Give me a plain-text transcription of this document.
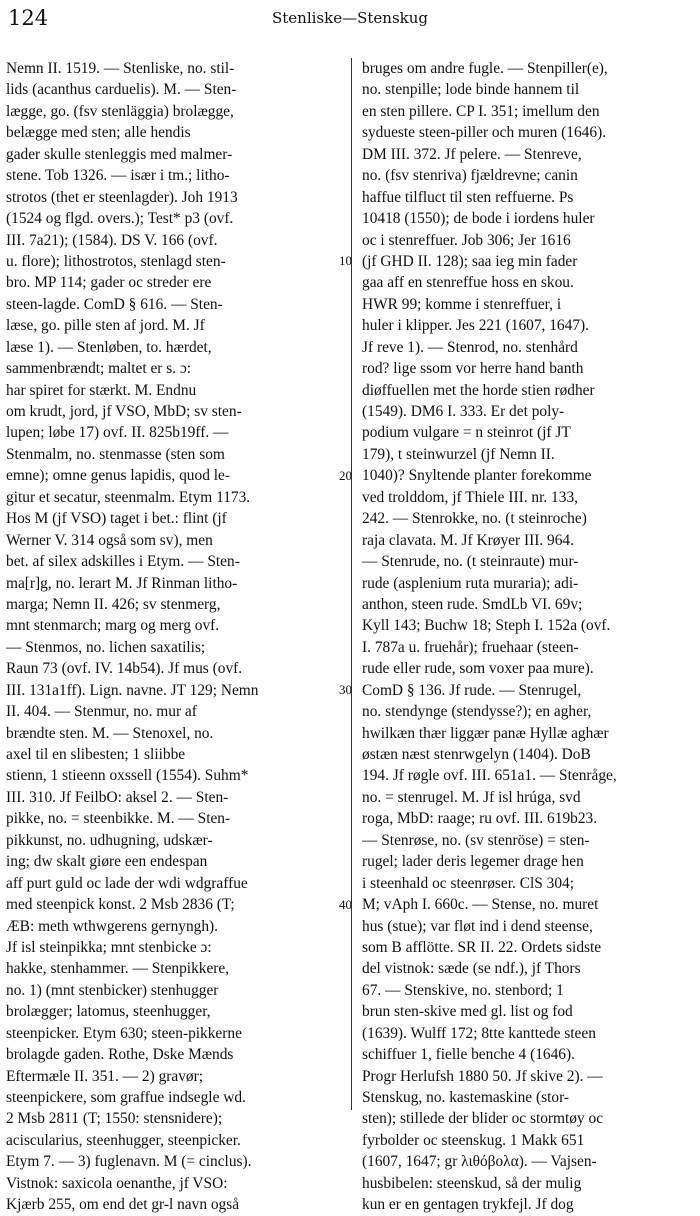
124	Stenliske—Stenskug
Nemn II. 1519. — Stenliske, no. stil-
lids (acanthus carduelis). M. — Sten-
lægge, go. (fsv stenläggia) brolægge,
belægge med sten; alle hendis
gader skulle stenleggis med malmer-
stene. Tob 1326. — især i tm.; litho-
strotos (thet er steenlagder). Joh 1913
(1524 og flgd. overs.); Test* p3 (ovf.
III. 7a21); (1584). DS V. 166 (ovf.
u. flore); lithostrotos, stenlagd sten-
bro. MP 114; gader oc streder ere
steen-lagde. ComD § 616. — Sten-
læse, go. pille sten af jord. M. Jf
læse 1). — Stenløben, to. hærdet,
sammenbrændt; maltet er s. ɔ:
har spiret for stærkt. M. Endnu
om krudt, jord, jf VSO, MbD; sv sten-
lupen; løbe 17) ovf. II. 825b19ff. —
Stenmalm, no. stenmasse (sten som
emne); omne genus lapidis, quod le-
gitur et secatur, steenmalm. Etym 1173.
Hos M (jf VSO) taget i bet.: flint (jf
Werner V. 314 også som sv), men
bet. af silex adskilles i Etym. — Sten-
ma[r]g, no. lerart M. Jf Rinman litho-
marga; Nemn II. 426; sv stenmerg,
mnt stenmarch; marg og merg ovf.
— Stenmos, no. lichen saxatilis;
Raun 73 (ovf. IV. 14b54). Jf mus (ovf.
III. 131a1ff). Lign. navne. JT 129; Nemn
II. 404. — Stenmur, no. mur af
brændte sten. M. — Stenoxel, no.
axel til en slibesten; 1 sliibbe
stienn, 1 stieenn oxssell (1554). Suhm*
III. 310. Jf FeilbO: aksel 2. — Sten-
pikke, no. = steenbikke. M. — Sten-
pikkunst, no. udhugning, udskær-
ing; dw skalt giøre een endespan
aff purt guld oc lade der wdi wdgraffue
med steenpick konst. 2 Msb 2836 (T;
ÆB: meth wthwgerens gernyngh).
Jf isl steinpikka; mnt stenbicke ɔ:
hakke, stenhammer. — Stenpikkere,
no. 1) (mnt stenbicker) stenhugger
brolægger; latomus, steenhugger,
steenpicker. Etym 630; steen-pikkerne
brolagde gaden. Rothe, Dske Mænds
Eftermæle II. 351. — 2) gravør;
steenpickere, som graffue indsegle wd.
2 Msb 2811 (T; 1550: stensnidere);
aciscularius, steenhugger, steenpicker.
Etym 7. — 3) fuglenavn. M (= cinclus).
Vistnok: saxicola oenanthe, jf VSO:
Kjærb 255, om end det gr-l navn også
bruges om andre fugle. — Stenpiller(e),
no. stenpille; lode binde hannem til
en sten pillere. CP I. 351; imellum den
sydueste steen-piller och muren (1646).
DM III. 372. Jf pelere. — Stenreve,
no. (fsv stenriva) fjældrevne; canin
haffue tilfluct til sten reffuerne. Ps
10418 (1550); de bode i iordens huler
oc i stenreffuer. Job 306; Jer 1616
(jf GHD II. 128); saa ieg min fader
gaa aff en stenreffue hoss en skou.
HWR 99; komme i stenreffuer, i
huler i klipper. Jes 221 (1607, 1647).
Jf reve 1). — Stenrod, no. stenhård
rod? lige ssom vor herre hand banth
diøffuellen met the horde stien rødher
(1549). DM6 I. 333. Er det poly-
podium vulgare = n steinrot (jf JT
179), t steinwurzel (jf Nemn II.
1040)? Snyltende planter forekomme
ved trolddom, jf Thiele III. nr. 133,
242. — Stenrokke, no. (t steinroche)
raja clavata. M. Jf Krøyer III. 964.
— Stenrude, no. (t steinraute) mur-
rude (asplenium ruta muraria); adi-
anthon, steen rude. SmdLb VI. 69v;
Kyll 143; Buchw 18; Steph I. 152a (ovf.
I. 787a u. fruehår); fruehaar (steen-
rude eller rude, som voxer paa mure).
ComD § 136. Jf rude. — Stenrugel,
no. stendynge (stendysse?); en agher,
hwilkæn thær liggær panæ Hyllæ aghær
østæn næst stenrwgelyn (1404). DoB
194. Jf røgle ovf. III. 651a1. — Stenråge,
no. = stenrugel. M. Jf isl hrúga, svd
roga, MbD: raage; ru ovf. III. 619b23.
— Stenrøse, no. (sv stenröse) = sten-
rugel; lader deris legemer drage hen
i steenhald oc steenrøser. ClS 304;
M; vAph I. 660c. — Stense, no. muret
hus (stue); var fløt ind i dend steense,
som B afflötte. SR II. 22. Ordets sidste
del vistnok: sæde (se ndf.), jf Thors
67. — Stenskive, no. stenbord; 1
brun sten-skive med gl. list og fod
(1639). Wulff 172; 8tte kanttede steen
schiffuer 1, fielle benche 4 (1646).
Progr Herlufsh 1880 50. Jf skive 2). —
Stenskug, no. kastemaskine (stor-
sten); stillede der blider oc stormtøy oc
fyrbolder oc steenskug. 1 Makk 651
(1607, 1647; gr λιθόβολα). — Vajsen-
husbibelen: steenskud, så der mulig
kun er en gentagen trykfejl. Jf dog
10
20
30
40
